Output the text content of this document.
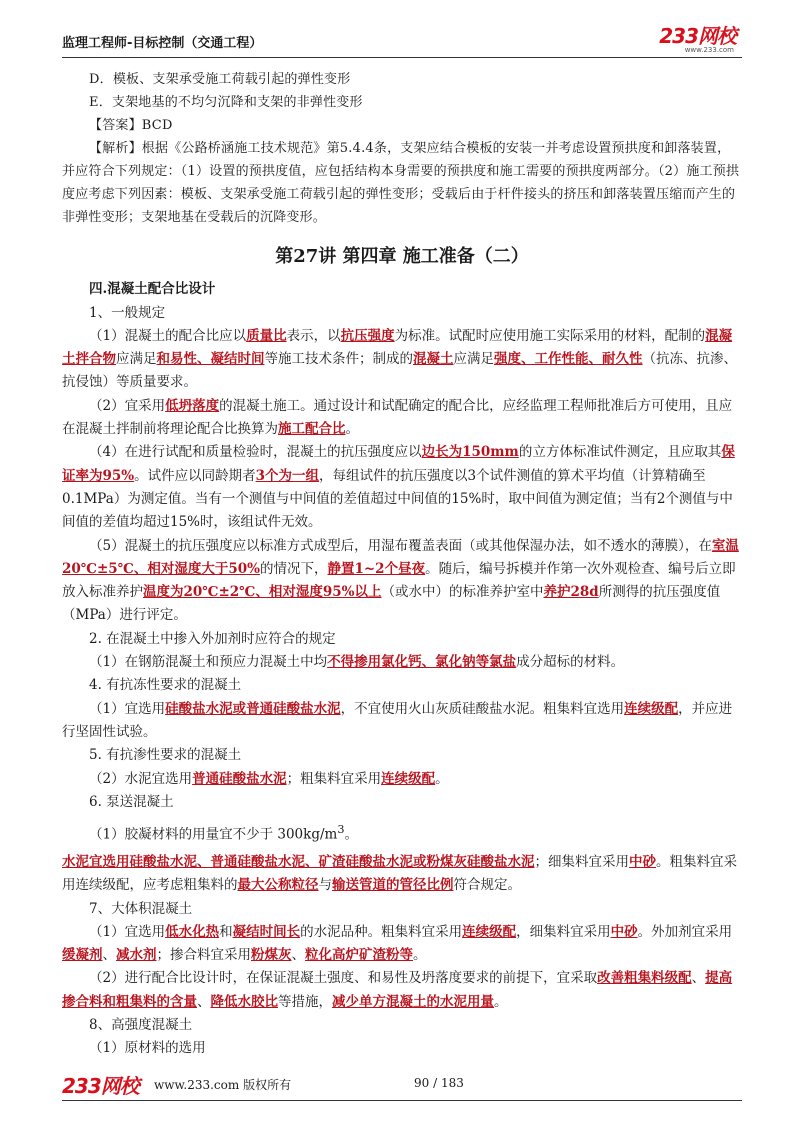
监理工程师-目标控制（交通工程）	233网校
www.233.com

D．模板、支架承受施工荷载引起的弹性变形

E．支架地基的不均匀沉降和支架的非弹性变形

【答案】BCD

【解析】根据《公路桥涵施工技术规范》第5.4.4条，支架应结合模板的安装一并考虑设置预拱度和卸落装置，并应符合下列规定：（1）设置的预拱度值，应包括结构本身需要的预拱度和施工需要的预拱度两部分。（2）施工预拱度应考虑下列因素：模板、支架承受施工荷载引起的弹性变形；受载后由于杆件接头的挤压和卸落装置压缩而产生的非弹性变形；支架地基在受载后的沉降变形。

第27讲 第四章 施工准备（二）

四.混凝土配合比设计

1、一般规定

（1）混凝土的配合比应以质量比表示，以抗压强度为标准。试配时应使用施工实际采用的材料，配制的混凝土拌合物应满足和易性、凝结时间等施工技术条件；制成的混凝土应满足强度、工作性能、耐久性（抗冻、抗渗、抗侵蚀）等质量要求。

（2）宜采用低坍落度的混凝土施工。通过设计和试配确定的配合比，应经监理工程师批准后方可使用，且应在混凝土拌制前将理论配合比换算为施工配合比。

（4）在进行试配和质量检验时，混凝土的抗压强度应以边长为150mm的立方体标准试件测定，且应取其保证率为95%。试件应以同龄期者3个为一组，每组试件的抗压强度以3个试件测值的算术平均值（计算精确至0.1MPa）为测定值。当有一个测值与中间值的差值超过中间值的15%时，取中间值为测定值；当有2个测值与中间值的差值均超过15%时，该组试件无效。

（5）混凝土的抗压强度应以标准方式成型后，用湿布覆盖表面（或其他保湿办法，如不透水的薄膜），在室温20℃±5℃、相对湿度大于50%的情况下，静置1~2个昼夜。随后，编号拆模并作第一次外观检查、编号后立即放入标准养护温度为20℃±2℃、相对湿度95%以上（或水中）的标准养护室中养护28d所测得的抗压强度值（MPa）进行评定。

2. 在混凝土中掺入外加剂时应符合的规定

（1）在钢筋混凝土和预应力混凝土中均不得掺用氯化钙、氯化钠等氯盐成分超标的材料。

4. 有抗冻性要求的混凝土

（1）宜选用硅酸盐水泥或普通硅酸盐水泥，不宜使用火山灰质硅酸盐水泥。粗集料宜选用连续级配，并应进行坚固性试验。

5. 有抗渗性要求的混凝土

（2）水泥宜选用普通硅酸盐水泥；粗集料宜采用连续级配。

6. 泵送混凝土

（1）胶凝材料的用量宜不少于 $300kg/m^3$。

水泥宜选用硅酸盐水泥、普通硅酸盐水泥、矿渣硅酸盐水泥或粉煤灰硅酸盐水泥；细集料宜采用中砂。粗集料宜采用连续级配，应考虑粗集料的最大公称粒径与输送管道的管径比例符合规定。

7、大体积混凝土

（1）宜选用低水化热和凝结时间长的水泥品种。粗集料宜采用连续级配，细集料宜采用中砂。外加剂宜采用缓凝剂、减水剂；掺合料宜采用粉煤灰、粒化高炉矿渣粉等。

（2）进行配合比设计时，在保证混凝土强度、和易性及坍落度要求的前提下，宜采取改善粗集料级配、提高掺合料和粗集料的含量、降低水胶比等措施，减少单方混凝土的水泥用量。

8、高强度混凝土

（1）原材料的选用

233网校 www.233.com 版权所有	90 / 183
